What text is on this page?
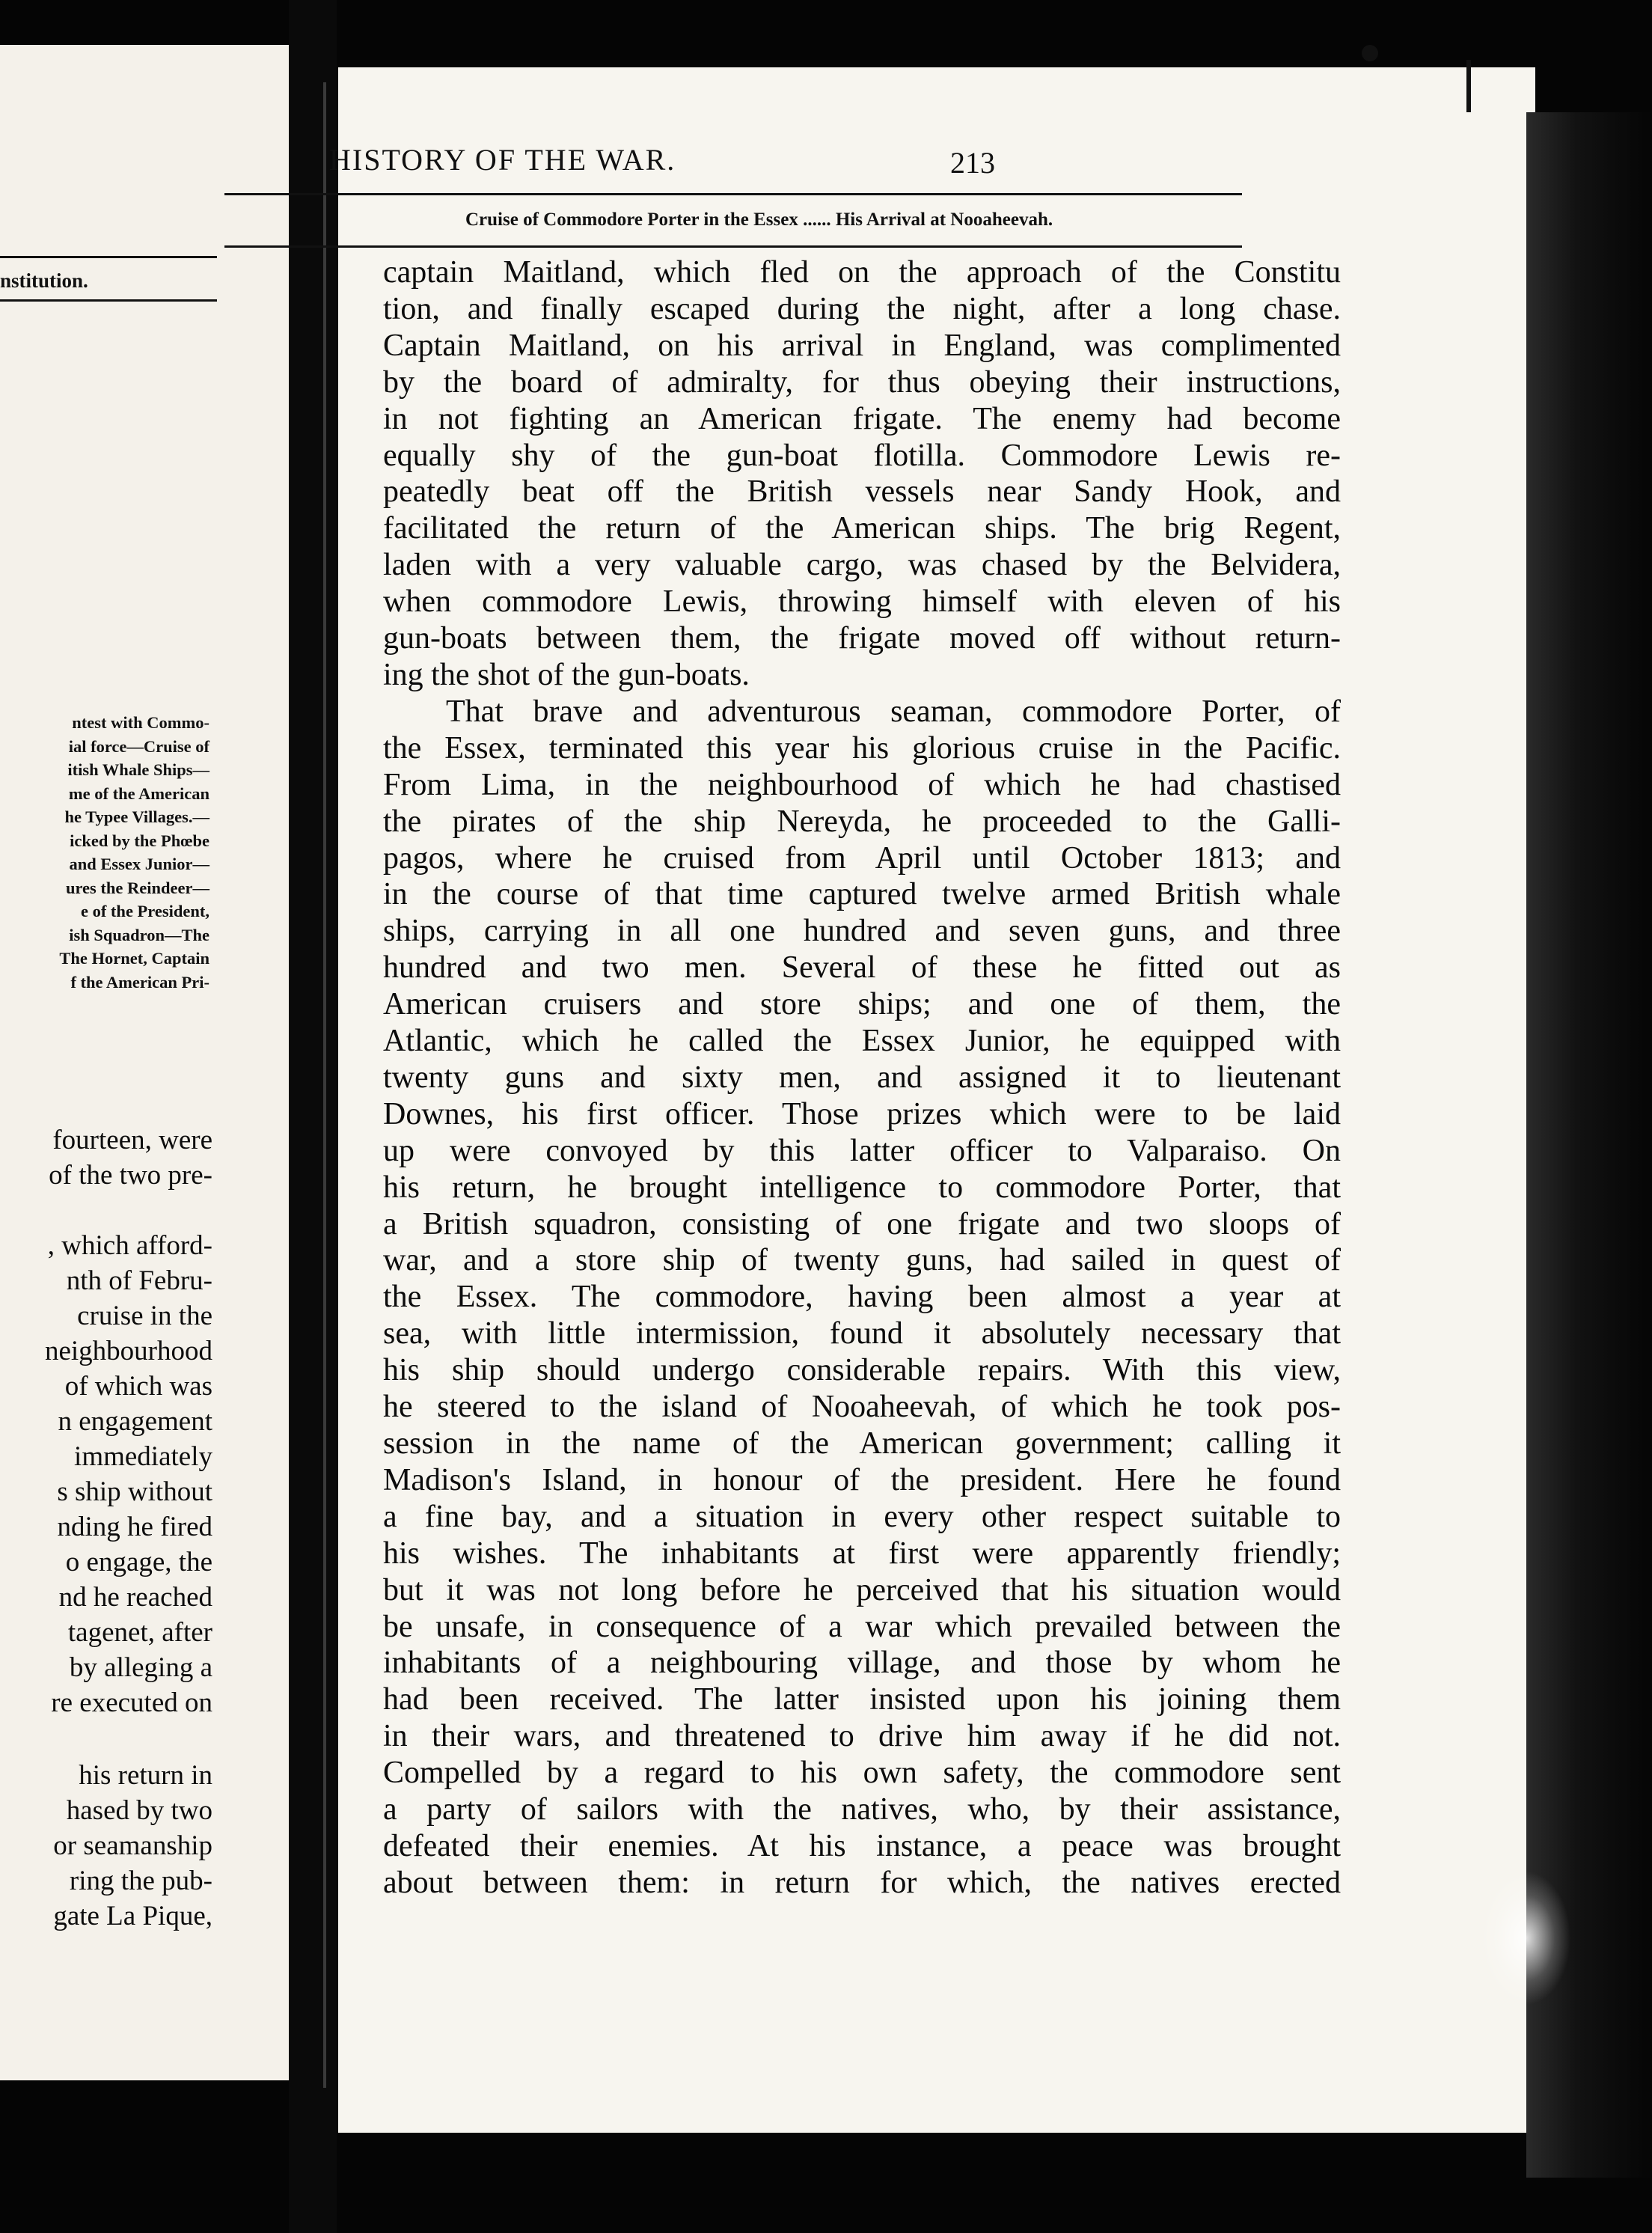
nstitution.
ntest with Commo-
ial force—Cruise of
itish Whale Ships—
me of the American
he Typee Villages.—
icked by the Phœbe
and Essex Junior—
ures the Reindeer—
e of the President,
ish Squadron—The
The Hornet, Captain
f the American Pri-
fourteen, were
of the two pre-
, which afford-
nth of Febru-
cruise in the
neighbourhood
of which was
n engagement
immediately
s ship without
nding he fired
o engage, the
nd he reached
tagenet, after
by alleging a
re executed on
his return in
hased by two
or seamanship
ring the pub-
gate La Pique,
HISTORY OF THE WAR.	213
Cruise of Commodore Porter in the Essex ...... His Arrival at Nooaheevah.
captain Maitland, which fled on the approach of the Constitu
tion, and finally escaped during the night, after a long chase.
Captain Maitland, on his arrival in England, was complimented
by the board of admiralty, for thus obeying their instructions,
in not fighting an American frigate. The enemy had become
equally shy of the gun-boat flotilla. Commodore Lewis re-
peatedly beat off the British vessels near Sandy Hook, and
facilitated the return of the American ships. The brig Regent,
laden with a very valuable cargo, was chased by the Belvidera,
when commodore Lewis, throwing himself with eleven of his
gun-boats between them, the frigate moved off without return-
ing the shot of the gun-boats.
That brave and adventurous seaman, commodore Porter, of
the Essex, terminated this year his glorious cruise in the Pacific.
From Lima, in the neighbourhood of which he had chastised
the pirates of the ship Nereyda, he proceeded to the Galli-
pagos, where he cruised from April until October 1813; and
in the course of that time captured twelve armed British whale
ships, carrying in all one hundred and seven guns, and three
hundred and two men. Several of these he fitted out as
American cruisers and store ships; and one of them, the
Atlantic, which he called the Essex Junior, he equipped with
twenty guns and sixty men, and assigned it to lieutenant
Downes, his first officer. Those prizes which were to be laid
up were convoyed by this latter officer to Valparaiso. On
his return, he brought intelligence to commodore Porter, that
a British squadron, consisting of one frigate and two sloops of
war, and a store ship of twenty guns, had sailed in quest of
the Essex. The commodore, having been almost a year at
sea, with little intermission, found it absolutely necessary that
his ship should undergo considerable repairs. With this view,
he steered to the island of Nooaheevah, of which he took pos-
session in the name of the American government; calling it
Madison's Island, in honour of the president. Here he found
a fine bay, and a situation in every other respect suitable to
his wishes. The inhabitants at first were apparently friendly;
but it was not long before he perceived that his situation would
be unsafe, in consequence of a war which prevailed between the
inhabitants of a neighbouring village, and those by whom he
had been received. The latter insisted upon his joining them
in their wars, and threatened to drive him away if he did not.
Compelled by a regard to his own safety, the commodore sent
a party of sailors with the natives, who, by their assistance,
defeated their enemies. At his instance, a peace was brought
about between them: in return for which, the natives erected
